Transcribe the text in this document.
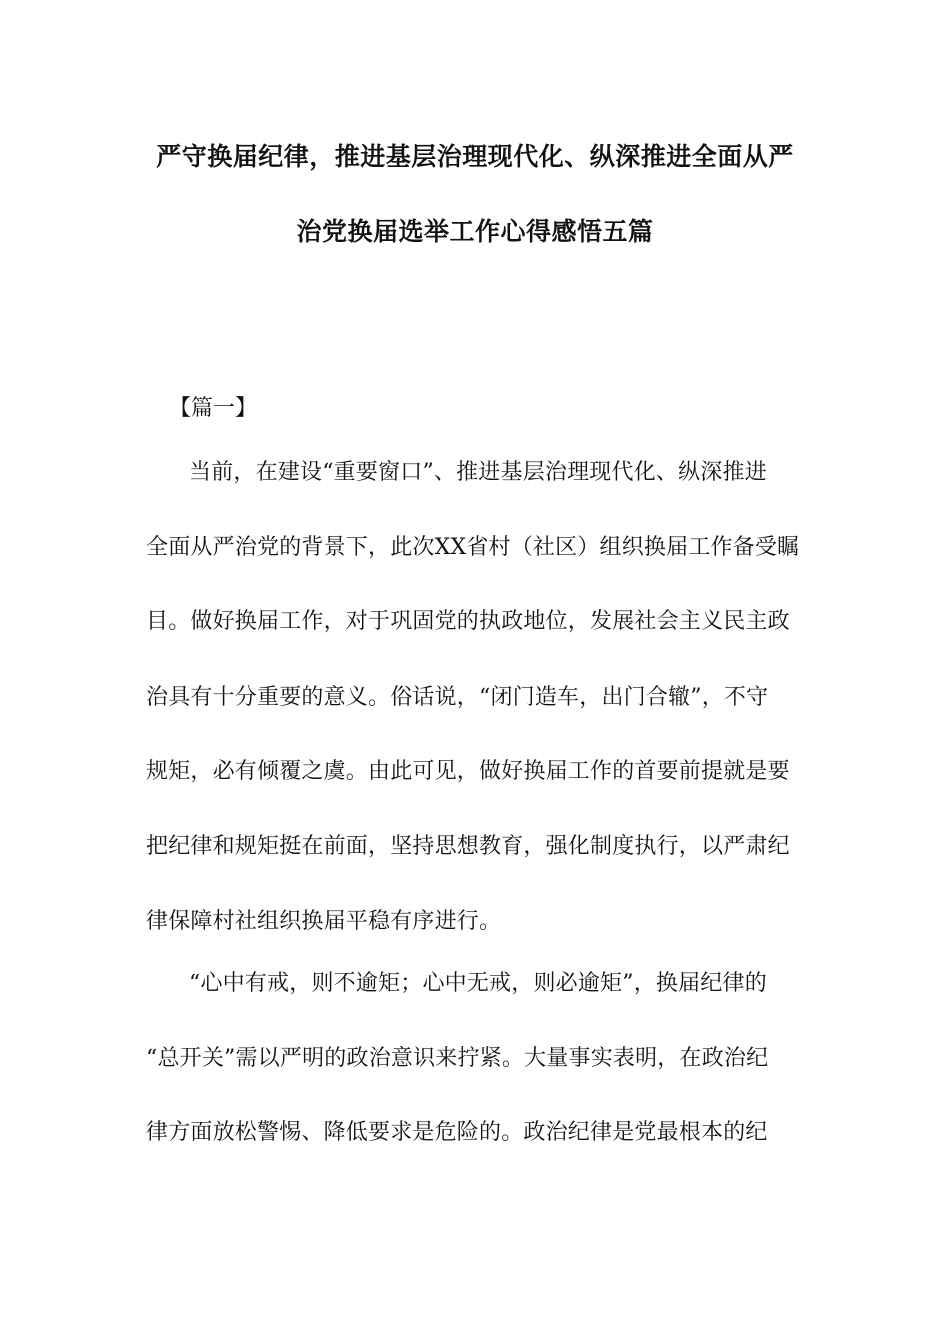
严守换届纪律，推进基层治理现代化、纵深推进全面从严
治党换届选举工作心得感悟五篇
【篇一】
当前，在建设“重要窗口”、推进基层治理现代化、纵深推进
全面从严治党的背景下，此次XX省村（社区）组织换届工作备受瞩
目。做好换届工作，对于巩固党的执政地位，发展社会主义民主政
治具有十分重要的意义。俗话说，“闭门造车，出门合辙”，不守
规矩，必有倾覆之虞。由此可见，做好换届工作的首要前提就是要
把纪律和规矩挺在前面，坚持思想教育，强化制度执行，以严肃纪
律保障村社组织换届平稳有序进行。
“心中有戒，则不逾矩；心中无戒，则必逾矩”，换届纪律的
“总开关”需以严明的政治意识来拧紧。大量事实表明，在政治纪
律方面放松警惕、降低要求是危险的。政治纪律是党最根本的纪
